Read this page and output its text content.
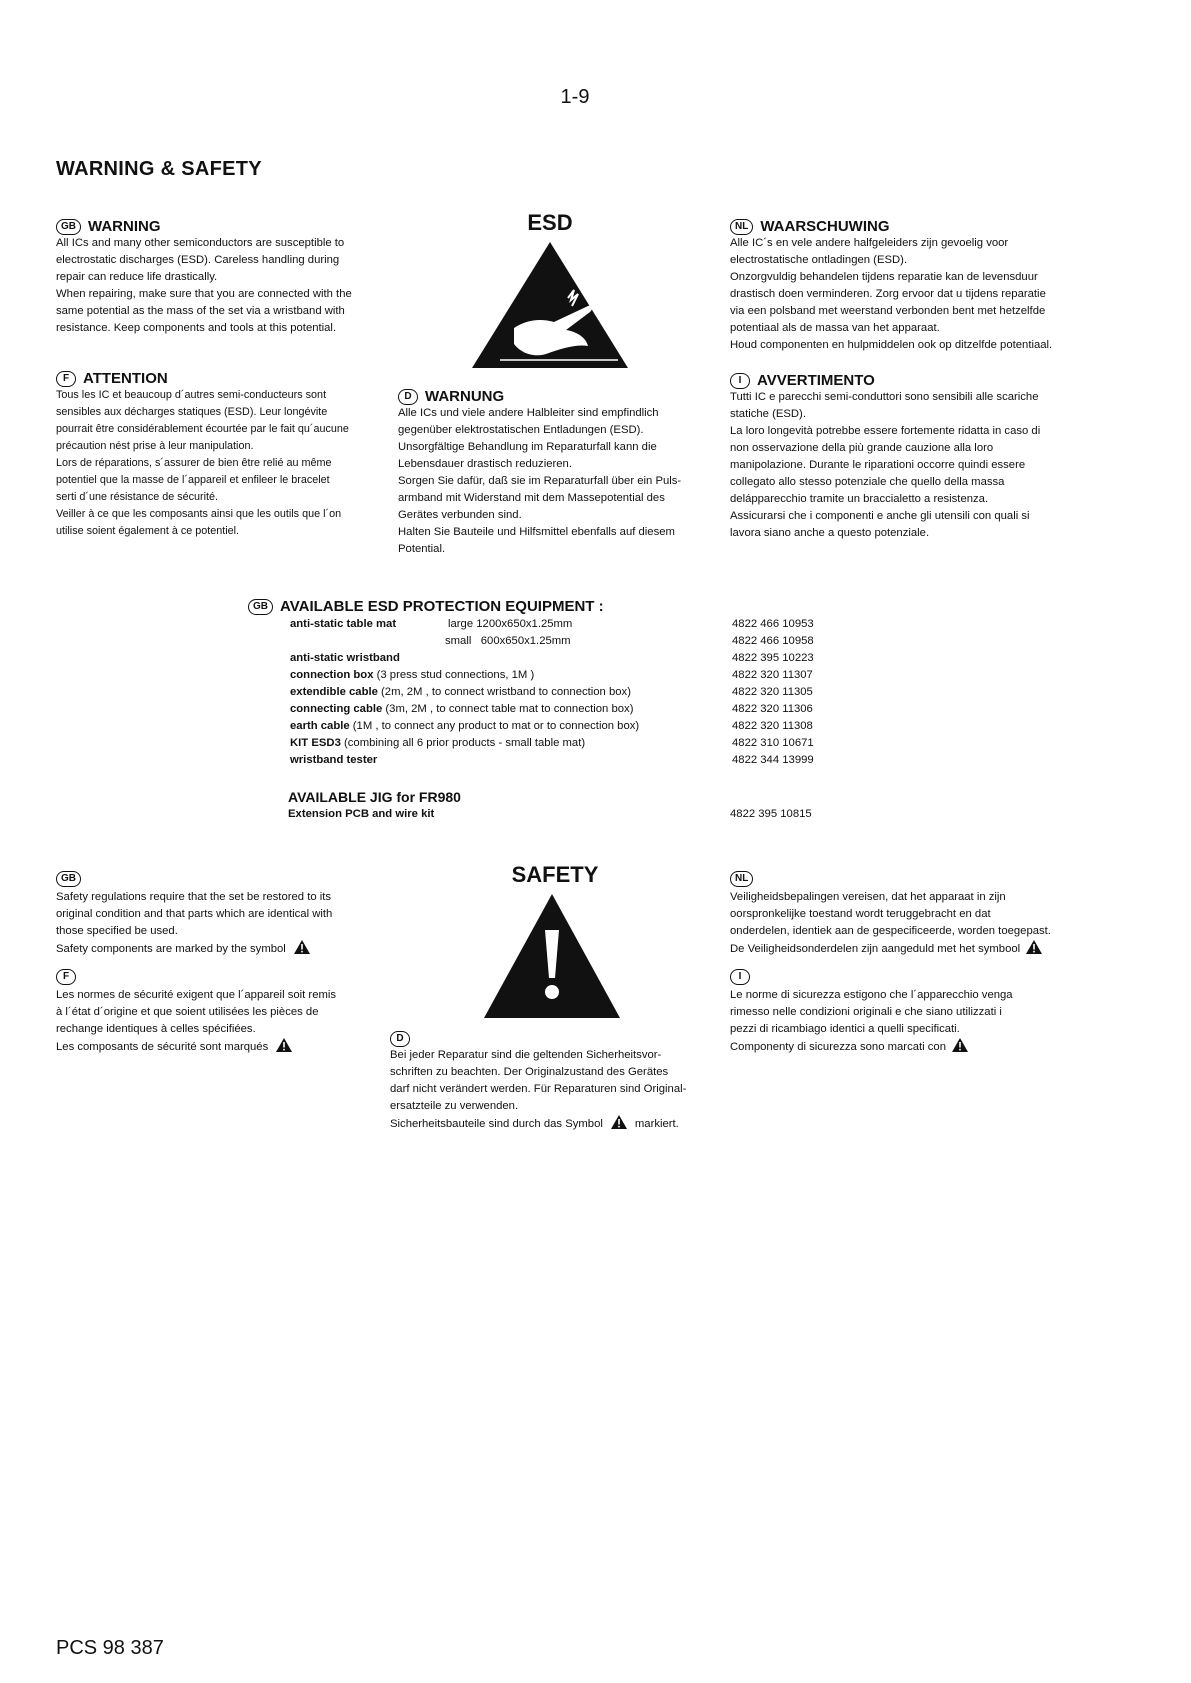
1-9
WARNING & SAFETY
GB WARNING

All ICs and many other semiconductors are susceptible to

electrostatic discharges (ESD). Careless handling during

repair can reduce life drastically.

When repairing, make sure that you are connected with the

same potential as the mass of the set via a wristband with

resistance. Keep components and tools at this potential.

ESD	NL WAARSCHUWING

Alle IC´s en vele andere halfgeleiders zijn gevoelig voor

electrostatische ontladingen (ESD).

Onzorgvuldig behandelen tijdens reparatie kan de levensduur

drastisch doen verminderen. Zorg ervoor dat u tijdens reparatie

via een polsband met weerstand verbonden bent met hetzelfde

potentiaal als de massa van het apparaat.

Houd componenten en hulpmiddelen ook op ditzelfde potentiaal.

F ATTENTION

Tous les IC et beaucoup d´autres semi-conducteurs sont

sensibles aux décharges statiques (ESD). Leur longévite

pourrait être considérablement écourtée par le fait qu´aucune

précaution nést prise à leur manipulation.

Lors de réparations, s´assurer de bien être relié au même

potentiel que la masse de l´appareil et enfileer le bracelet

serti d´une résistance de sécurité.

Veiller à ce que les composants ainsi que les outils que l´on

utilise soient également à ce potentiel.

D WARNUNG

Alle ICs und viele andere Halbleiter sind empfindlich

gegenüber elektrostatischen Entladungen (ESD).

Unsorgfältige Behandlung im Reparaturfall kann die

Lebensdauer drastisch reduzieren.

Sorgen Sie dafür, daß sie im Reparaturfall über ein Puls-

armband mit Widerstand mit dem Massepotential des

Gerätes verbunden sind.

Halten Sie Bauteile und Hilfsmittel ebenfalls auf diesem

Potential.

I	AVVERTIMENTO

Tutti IC e parecchi semi-conduttori sono sensibili alle scariche

statiche (ESD).

La loro longevità potrebbe essere fortemente ridatta in caso di

non osservazione della più grande cauzione alla loro

manipolazione. Durante le riparationi occorre quindi essere

collegato allo stesso potenziale che quello della massa

delápparecchio tramite un braccialetto a resistenza.

Assicurarsi che i componenti e anche gli utensili con quali si

lavora siano anche a questo potenziale.

GB AVAILABLE ESD PROTECTION EQUIPMENT :
anti-static table mat	large 1200x650x1.25mm	4822 466 10953
small   600x650x1.25mm	4822 466 10958
anti-static wristband	4822 395 10223
connection box (3 press stud connections, 1M )	4822 320 11307
extendible cable (2m, 2M , to connect wristband to connection box)	4822 320 11305
connecting cable (3m, 2M , to connect table mat to connection box)	4822 320 11306
earth cable (1M , to connect any product to mat or to connection box)	4822 320 11308
KIT ESD3 (combining all 6 prior products - small table mat)	4822 310 10671
wristband tester	4822 344 13999
AVAILABLE JIG for FR980
Extension PCB and wire kit	4822 395 10815
GB

Safety regulations require that the set be restored to its

original condition and that parts which are identical with

those specified be used.

Safety components are marked by the symbol

F

Les normes de sécurité exigent que l´appareil soit remis

à l´état d´origine et que soient utilisées les pièces de

rechange identiques à celles spécifiées.

Les composants de sécurité sont marqués

SAFETY
D

Bei jeder Reparatur sind die geltenden Sicherheitsvor-

schriften zu beachten. Der Originalzustand des Gerätes

darf nicht verändert werden. Für Reparaturen sind Original-

ersatzteile zu verwenden.

Sicherheitsbauteile sind durch das Symbol	markiert.

NL

Veiligheidsbepalingen vereisen, dat het apparaat in zijn

oorspronkelijke toestand wordt teruggebracht en dat

onderdelen, identiek aan de gespecificeerde, worden toegepast.

De Veiligheidsonderdelen zijn aangeduld met het symbool

I

Le norme di sicurezza estigono che l´apparecchio venga

rimesso nelle condizioni originali e che siano utilizzati i

pezzi di ricambiago identici a quelli specificati.

Componenty di sicurezza sono marcati con

PCS 98 387
